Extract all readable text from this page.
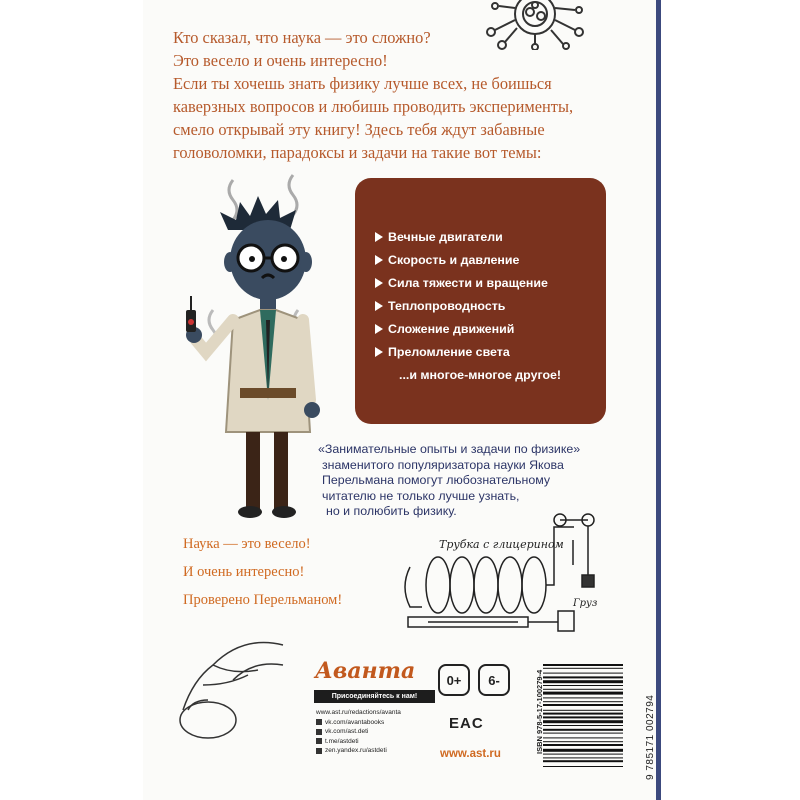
Кто сказал, что наука — это сложно?
Это весело и очень интересно!
Если ты хочешь знать физику лучше всех, не боишься
каверзных вопросов и любишь проводить эксперименты,
смело открывай эту книгу! Здесь тебя ждут забавные
головоломки, парадоксы и задачи на такие вот темы:
Вечные двигатели
Скорость и давление
Сила тяжести и вращение
Теплопроводность
Сложение движений
Преломление света
...и многое-многое другое!
«Занимательные опыты и задачи по физике»
знаменитого популяризатора науки Якова
Перельмана помогут любознательному
читателю не только лучше узнать,
но и полюбить физику.
Наука — это весело!
И очень интересно!
Проверено Перельманом!
Трубка с глицерином
Груз
Аванта
Присоединяйтесь к нам!
www.ast.ru/redactions/avanta
vk.com/avantabooks
vk.com/ast.deti
t.me/astdeti
zen.yandex.ru/astdeti
0+	6-
EAC
www.ast.ru	ISBN 978-5-17-100279-4	9 785171 002794
